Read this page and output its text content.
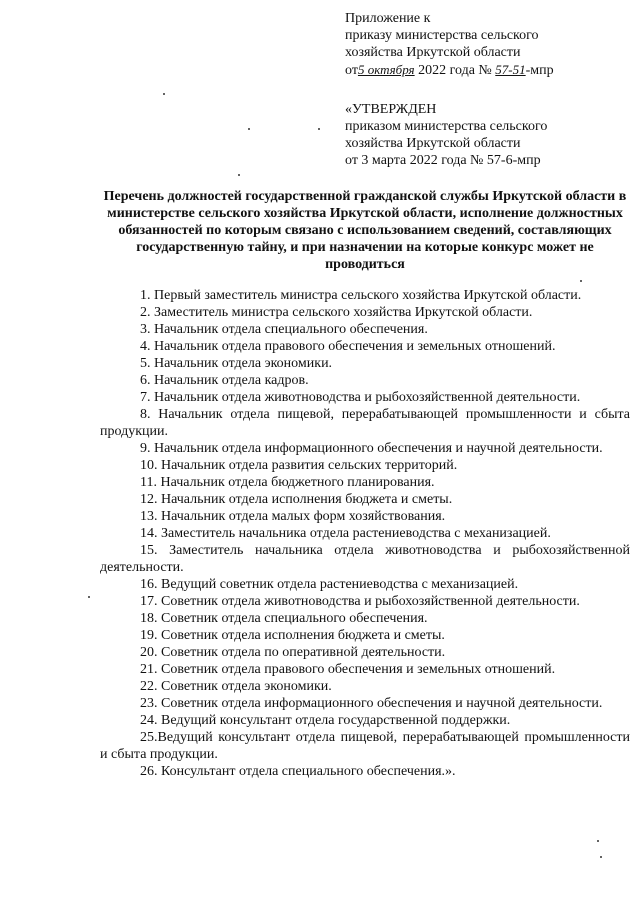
Приложение к

приказу министерства сельского

хозяйства Иркутской области

от5 октября 2022 года № 57-51-мпр

«УТВЕРЖДЕН

приказом министерства сельского

хозяйства Иркутской области

от 3 марта 2022 года № 57-6-мпр

Перечень должностей государственной гражданской службы Иркутской области в министерстве сельского хозяйства Иркутской области, исполнение должностных обязанностей по которым связано с использованием сведений, составляющих государственную тайну, и при назначении на которые конкурс может не проводиться
1. Первый заместитель министра сельского хозяйства Иркутской области.
2. Заместитель министра сельского хозяйства Иркутской области.
3. Начальник отдела специального обеспечения.
4. Начальник отдела правового обеспечения и земельных отношений.
5. Начальник отдела экономики.
6. Начальник отдела кадров.
7. Начальник отдела животноводства и рыбохозяйственной деятельности.
8. Начальник отдела пищевой, перерабатывающей промышленности и сбыта продукции.
9. Начальник отдела информационного обеспечения и научной деятельности.
10. Начальник отдела развития сельских территорий.
11. Начальник отдела бюджетного планирования.
12. Начальник отдела исполнения бюджета и сметы.
13. Начальник отдела малых форм хозяйствования.
14. Заместитель начальника отдела растениеводства с механизацией.
15. Заместитель начальника отдела животноводства и рыбохозяйственной деятельности.
16. Ведущий советник отдела растениеводства с механизацией.
17. Советник отдела животноводства и рыбохозяйственной деятельности.
18. Советник отдела специального обеспечения.
19. Советник отдела исполнения бюджета и сметы.
20. Советник отдела по оперативной деятельности.
21. Советник отдела правового обеспечения и земельных отношений.
22. Советник отдела экономики.
23. Советник отдела информационного обеспечения и научной деятельности.
24. Ведущий консультант отдела государственной поддержки.
25.Ведущий консультант отдела пищевой, перерабатывающей промышленности и сбыта продукции.
26. Консультант отдела специального обеспечения.».
